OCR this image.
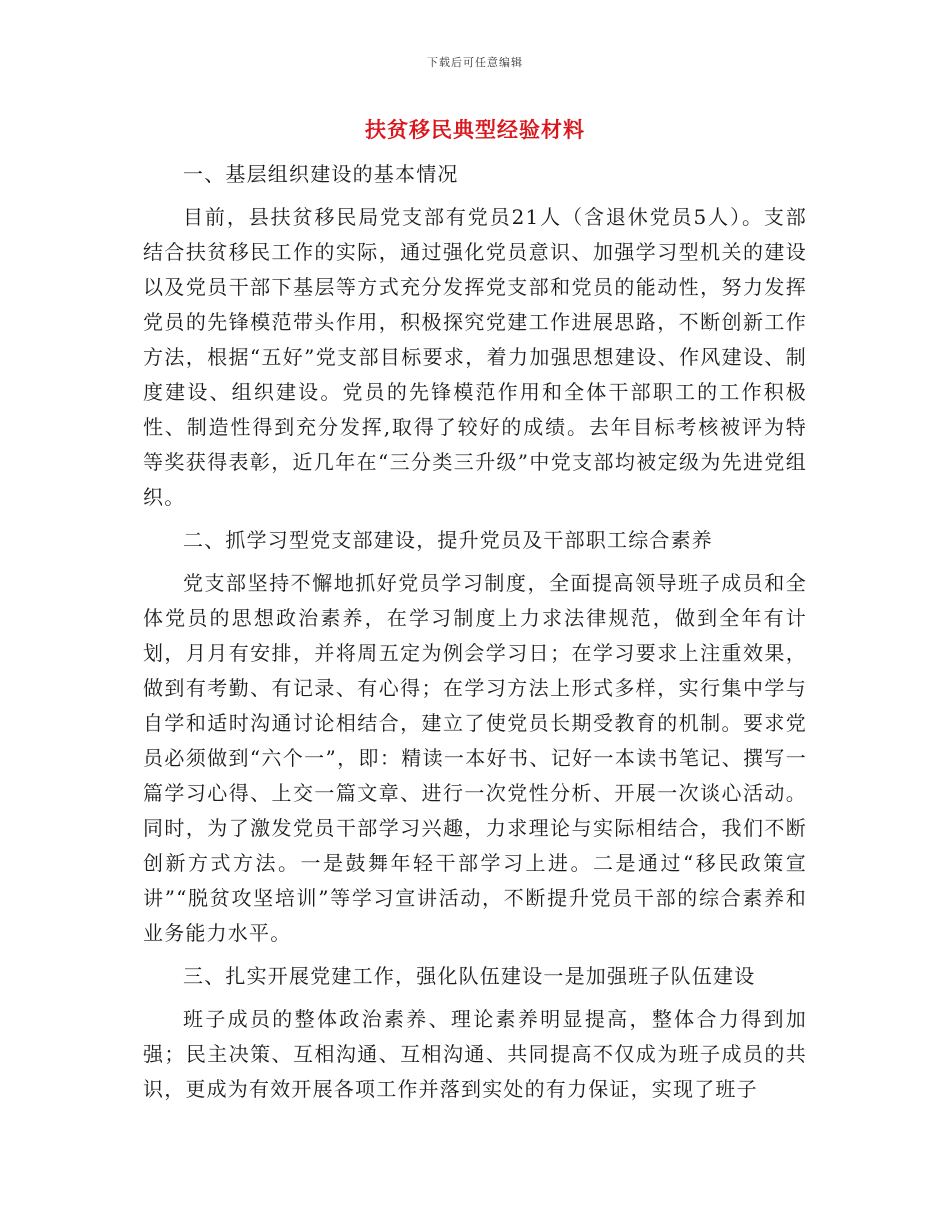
下载后可任意编辑
扶贫移民典型经验材料

一、基层组织建设的基本情况

目前，县扶贫移民局党支部有党员21人（含退休党员5人）。支部结合扶贫移民工作的实际，通过强化党员意识、加强学习型机关的建设以及党员干部下基层等方式充分发挥党支部和党员的能动性，努力发挥党员的先锋模范带头作用，积极探究党建工作进展思路，不断创新工作方法，根据“五好”党支部目标要求，着力加强思想建设、作风建设、制度建设、组织建设。党员的先锋模范作用和全体干部职工的工作积极性、制造性得到充分发挥,取得了较好的成绩。去年目标考核被评为特等奖获得表彰，近几年在“三分类三升级”中党支部均被定级为先进党组织。

二、抓学习型党支部建设，提升党员及干部职工综合素养

党支部坚持不懈地抓好党员学习制度，全面提高领导班子成员和全体党员的思想政治素养，在学习制度上力求法律规范，做到全年有计划，月月有安排，并将周五定为例会学习日；在学习要求上注重效果，做到有考勤、有记录、有心得；在学习方法上形式多样，实行集中学与自学和适时沟通讨论相结合，建立了使党员长期受教育的机制。要求党员必须做到“六个一”，即：精读一本好书、记好一本读书笔记、撰写一篇学习心得、上交一篇文章、进行一次党性分析、开展一次谈心活动。同时，为了激发党员干部学习兴趣，力求理论与实际相结合，我们不断创新方式方法。一是鼓舞年轻干部学习上进。二是通过“移民政策宣讲”“脱贫攻坚培训”等学习宣讲活动，不断提升党员干部的综合素养和业务能力水平。

三、扎实开展党建工作，强化队伍建设一是加强班子队伍建设

班子成员的整体政治素养、理论素养明显提高，整体合力得到加强；民主决策、互相沟通、互相沟通、共同提高不仅成为班子成员的共识，更成为有效开展各项工作并落到实处的有力保证，实现了班子
